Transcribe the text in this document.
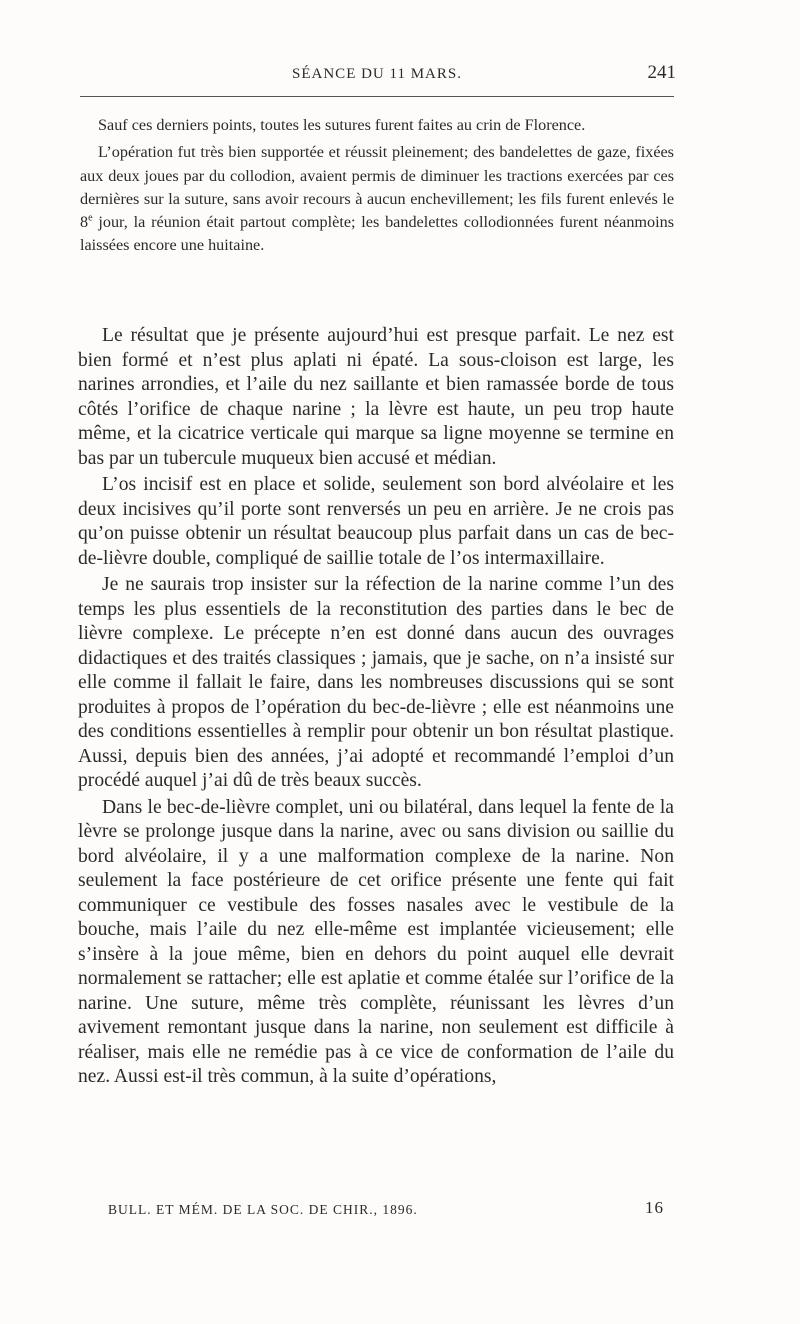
SÉANCE DU 11 MARS.	241

Sauf ces derniers points, toutes les sutures furent faites au crin de Florence.

L’opération fut très bien supportée et réussit pleinement; des bandelettes de gaze, fixées aux deux joues par du collodion, avaient permis de diminuer les tractions exercées par ces dernières sur la suture, sans avoir recours à aucun enchevillement; les fils furent enlevés le 8e jour, la réunion était partout complète; les bandelettes collodionnées furent néanmoins laissées encore une huitaine.

Le résultat que je présente aujourd’hui est presque parfait. Le nez est bien formé et n’est plus aplati ni épaté. La sous-cloison est large, les narines arrondies, et l’aile du nez saillante et bien ramassée borde de tous côtés l’orifice de chaque narine ; la lèvre est haute, un peu trop haute même, et la cicatrice verticale qui marque sa ligne moyenne se termine en bas par un tubercule muqueux bien accusé et médian.

L’os incisif est en place et solide, seulement son bord alvéolaire et les deux incisives qu’il porte sont renversés un peu en arrière. Je ne crois pas qu’on puisse obtenir un résultat beaucoup plus parfait dans un cas de bec-de-lièvre double, compliqué de saillie totale de l’os intermaxillaire.

Je ne saurais trop insister sur la réfection de la narine comme l’un des temps les plus essentiels de la reconstitution des parties dans le bec de lièvre complexe. Le précepte n’en est donné dans aucun des ouvrages didactiques et des traités classiques ; jamais, que je sache, on n’a insisté sur elle comme il fallait le faire, dans les nombreuses discussions qui se sont produites à propos de l’opération du bec-de-lièvre ; elle est néanmoins une des conditions essentielles à remplir pour obtenir un bon résultat plastique. Aussi, depuis bien des années, j’ai adopté et recommandé l’emploi d’un procédé auquel j’ai dû de très beaux succès.

Dans le bec-de-lièvre complet, uni ou bilatéral, dans lequel la fente de la lèvre se prolonge jusque dans la narine, avec ou sans division ou saillie du bord alvéolaire, il y a une malformation complexe de la narine. Non seulement la face postérieure de cet orifice présente une fente qui fait communiquer ce vestibule des fosses nasales avec le vestibule de la bouche, mais l’aile du nez elle-même est implantée vicieusement; elle s’insère à la joue même, bien en dehors du point auquel elle devrait normalement se rattacher; elle est aplatie et comme étalée sur l’orifice de la narine. Une suture, même très complète, réunissant les lèvres d’un avivement remontant jusque dans la narine, non seulement est difficile à réaliser, mais elle ne remédie pas à ce vice de conformation de l’aile du nez. Aussi est-il très commun, à la suite d’opérations,

BULL. ET MÉM. DE LA SOC. DE CHIR., 1896.	16
